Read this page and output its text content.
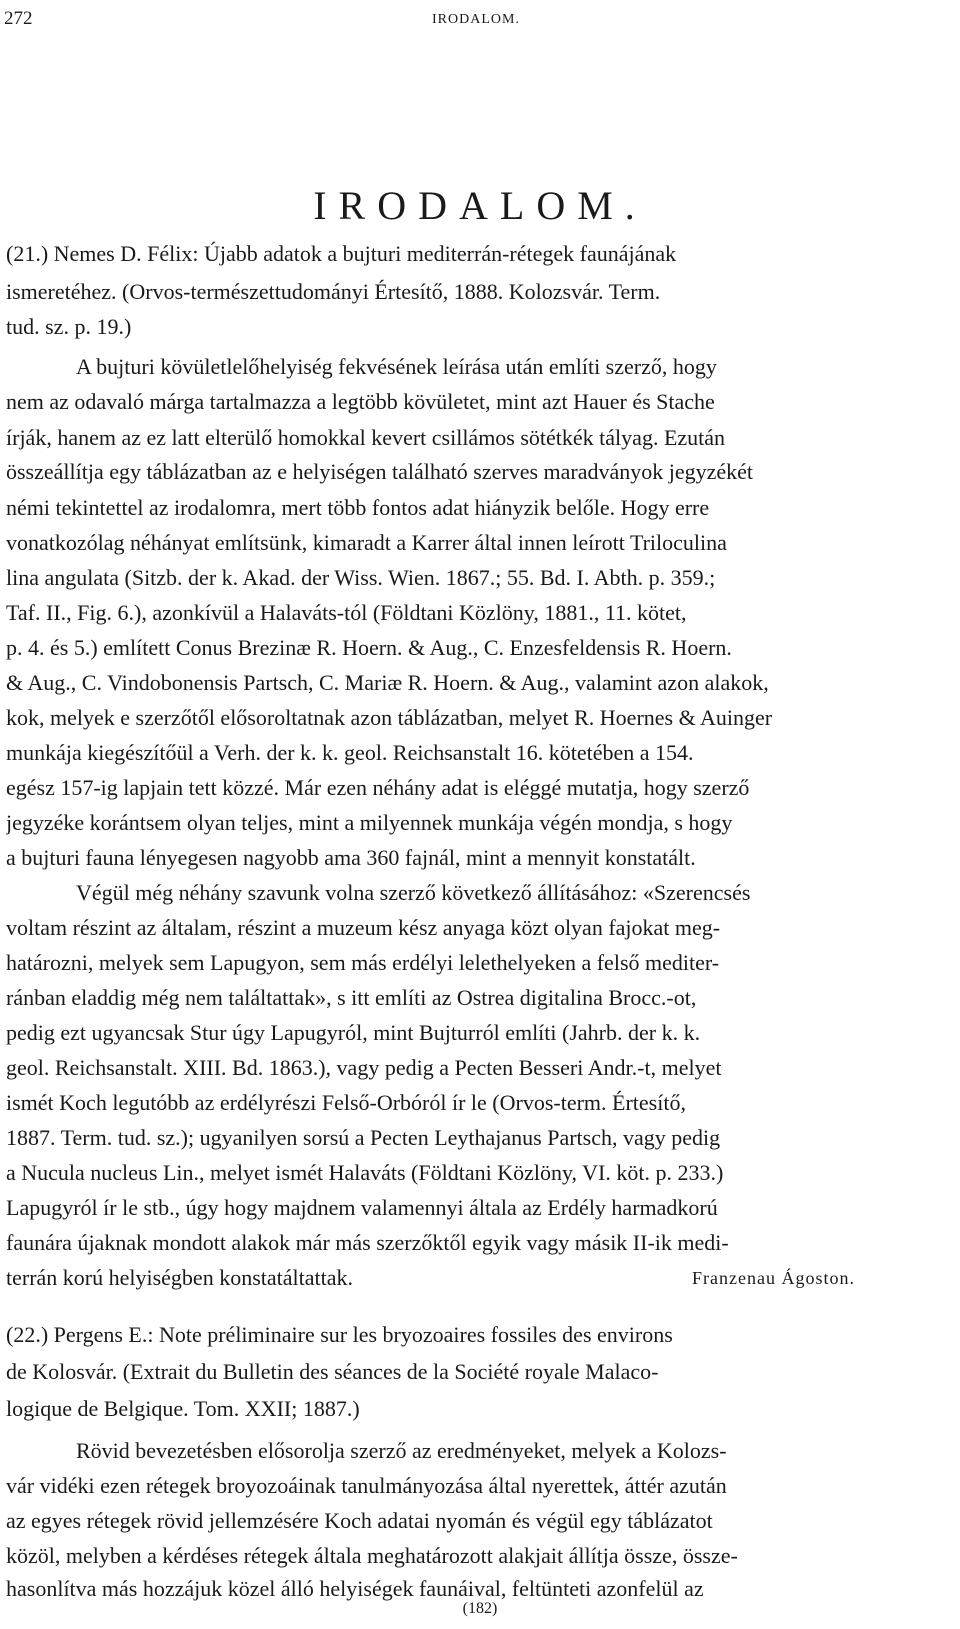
272	IRODALOM.
IRODALOM.
(21.) Nemes D. Félix: Újabb adatok a bujturi mediterrán-rétegek faunájának
ismeretéhez. (Orvos-természettudományi Értesítő, 1888. Kolozsvár. Term.
tud. sz. p. 19.)
A bujturi kövületlelőhelyiség fekvésének leírása után említi szerző, hogy
nem az odavaló márga tartalmazza a legtöbb kövületet, mint azt Hauer és Stache
írják, hanem az ez latt elterülő homokkal kevert csillámos sötétkék tályag. Ezután
összeállítja egy táblázatban az e helyiségen található szerves maradványok jegyzékét
némi tekintettel az irodalomra, mert több fontos adat hiányzik belőle. Hogy erre
vonatkozólag néhányat említsünk, kimaradt a Karrer által innen leírott Triloculina
lina angulata (Sitzb. der k. Akad. der Wiss. Wien. 1867.; 55. Bd. I. Abth. p. 359.;
Taf. II., Fig. 6.), azonkívül a Halaváts-tól (Földtani Közlöny, 1881., 11. kötet,
p. 4. és 5.) említett Conus Brezinæ R. Hoern. & Aug., C. Enzesfeldensis R. Hoern.
& Aug., C. Vindobonensis Partsch, C. Mariæ R. Hoern. & Aug., valamint azon alakok,
kok, melyek e szerzőtől elősoroltatnak azon táblázatban, melyet R. Hoernes & Auinger
munkája kiegészítőül a Verh. der k. k. geol. Reichsanstalt 16. kötetében a 154.
egész 157-ig lapjain tett közzé. Már ezen néhány adat is eléggé mutatja, hogy szerző
jegyzéke korántsem olyan teljes, mint a milyennek munkája végén mondja, s hogy
a bujturi fauna lényegesen nagyobb ama 360 fajnál, mint a mennyit konstatált.
Végül még néhány szavunk volna szerző következő állításához: «Szerencsés
voltam részint az általam, részint a muzeum kész anyaga közt olyan fajokat meg-
határozni, melyek sem Lapugyon, sem más erdélyi lelethelyeken a felső mediter-
ránban eladdig még nem találtattak», s itt említi az Ostrea digitalina Brocc.-ot,
pedig ezt ugyancsak Stur úgy Lapugyról, mint Bujturról említi (Jahrb. der k. k.
geol. Reichsanstalt. XIII. Bd. 1863.), vagy pedig a Pecten Besseri Andr.-t, melyet
ismét Koch legutóbb az erdélyrészi Felső-Orbóról ír le (Orvos-term. Értesítő,
1887. Term. tud. sz.); ugyanilyen sorsú a Pecten Leythajanus Partsch, vagy pedig
a Nucula nucleus Lin., melyet ismét Halaváts (Földtani Közlöny, VI. köt. p. 233.)
Lapugyról ír le stb., úgy hogy majdnem valamennyi általa az Erdély harmadkorú
faunára újaknak mondott alakok már más szerzőktől egyik vagy másik II-ik medi-
terrán korú helyiségben konstatáltattak.	Franzenau Ágoston.
(22.) Pergens E.: Note préliminaire sur les bryozoaires fossiles des environs
de Kolosvár. (Extrait du Bulletin des séances de la Société royale Malaco-
logique de Belgique. Tom. XXII; 1887.)
Rövid bevezetésben elősorolja szerző az eredményeket, melyek a Kolozs-
vár vidéki ezen rétegek broyozoáinak tanulmányozása által nyerettek, áttér azután
az egyes rétegek rövid jellemzésére Koch adatai nyomán és végül egy táblázatot
közöl, melyben a kérdéses rétegek általa meghatározott alakjait állítja össze, össze-
hasonlítva más hozzájuk közel álló helyiségek faunáival, feltünteti azonfelül az
(182)
